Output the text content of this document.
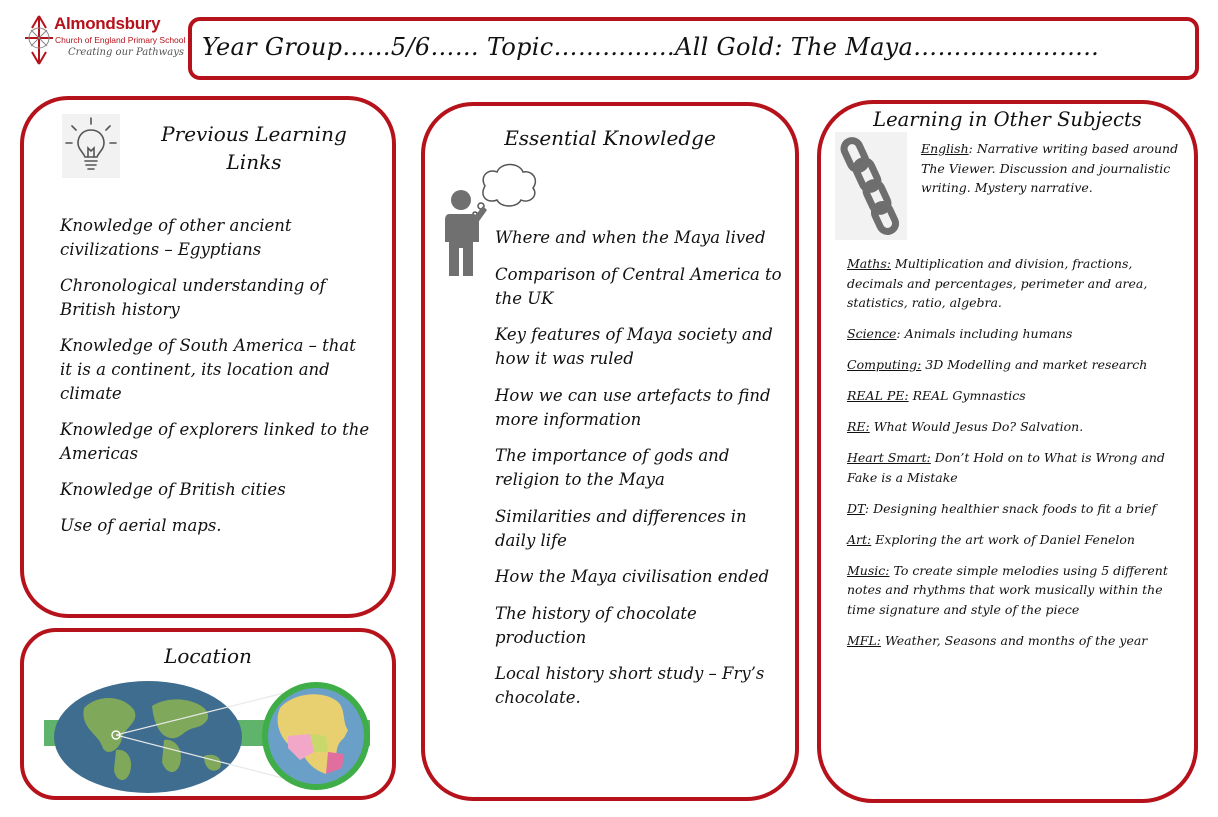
Almondsbury
Church of England Primary School
Creating our Pathways Year Group……5/6…… Topic……………All Gold: The Maya…………………..
Previous Learning Links
Knowledge of other ancient civilizations – Egyptians
Chronological understanding of British history
Knowledge of South America – that it is a continent, its location and climate
Knowledge of explorers linked to the Americas
Knowledge of British cities
Use of aerial maps.
Location
Essential Knowledge
Where and when the Maya lived
Comparison of Central America to the UK
Key features of Maya society and how it was ruled
How we can use artefacts to find more information
The importance of gods and religion to the Maya
Similarities and differences in daily life
How the Maya civilisation ended
The history of chocolate production
Local history short study – Fry’s chocolate.
Learning in Other Subjects
English: Narrative writing based around The Viewer. Discussion and journalistic writing. Mystery narrative.
Maths: Multiplication and division, fractions, decimals and percentages, perimeter and area, statistics, ratio, algebra.
Science: Animals including humans
Computing: 3D Modelling and market research
REAL PE: REAL Gymnastics
RE: What Would Jesus Do? Salvation.
Heart Smart: Don’t Hold on to What is Wrong and Fake is a Mistake
DT: Designing healthier snack foods to fit a brief
Art: Exploring the art work of Daniel Fenelon
Music: To create simple melodies using 5 different notes and rhythms that work musically within the time signature and style of the piece
MFL: Weather, Seasons and months of the year
